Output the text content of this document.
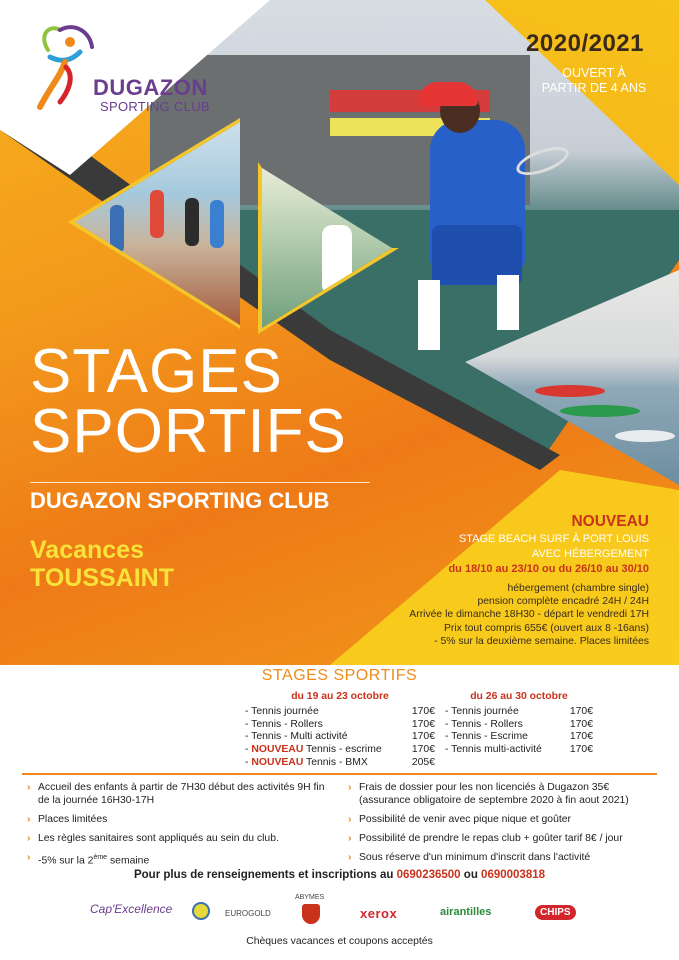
DUGAZON
SPORTING CLUB
2020/2021
OUVERT À PARTIR DE 4 ANS
STAGES
SPORTIFS
DUGAZON SPORTING CLUB
Vacances
TOUSSAINT
NOUVEAU
STAGE BEACH SURF À PORT LOUIS
AVEC HÉBERGEMENT
du 18/10 au 23/10 ou du 26/10 au 30/10
hébergement (chambre single)
pension complète encadré 24H / 24H
Arrivée le dimanche 18H30 - départ le vendredi 17H
Prix tout compris 655€ (ouvert aux 8 -16ans)
- 5% sur la deuxième semaine. Places limitées
STAGES SPORTIFS
du 19 au 23 octobre
- Tennis journée	170€
- Tennis - Rollers	170€
- Tennis - Multi activité	170€
- NOUVEAU Tennis - escrime	170€
- NOUVEAU Tennis - BMX	205€
du 26 au 30 octobre
- Tennis journée	170€
- Tennis - Rollers	170€
- Tennis - Escrime	170€
- Tennis multi-activité	170€
› Accueil des enfants à partir de 7H30 début des activités 9H fin de la journée 16H30-17H
› Places limitées
› Les règles sanitaires sont appliqués au sein du club.
› -5% sur la 2ème semaine
› Frais de dossier pour les non licenciés à Dugazon 35€ (assurance obligatoire de septembre 2020 à fin aout 2021)
› Possibilité de venir avec pique nique et goûter
› Possibilité de prendre le repas club + goûter tarif 8€ / jour
› Sous réserve d'un minimum d'inscrit dans l'activité
Pour plus de renseignements et inscriptions au 0690236500 ou 0690003818
Cap'Excellence	EUROGOLD
ABYMES
xerox	airantilles	CHIPS
Chèques vacances et coupons acceptés
